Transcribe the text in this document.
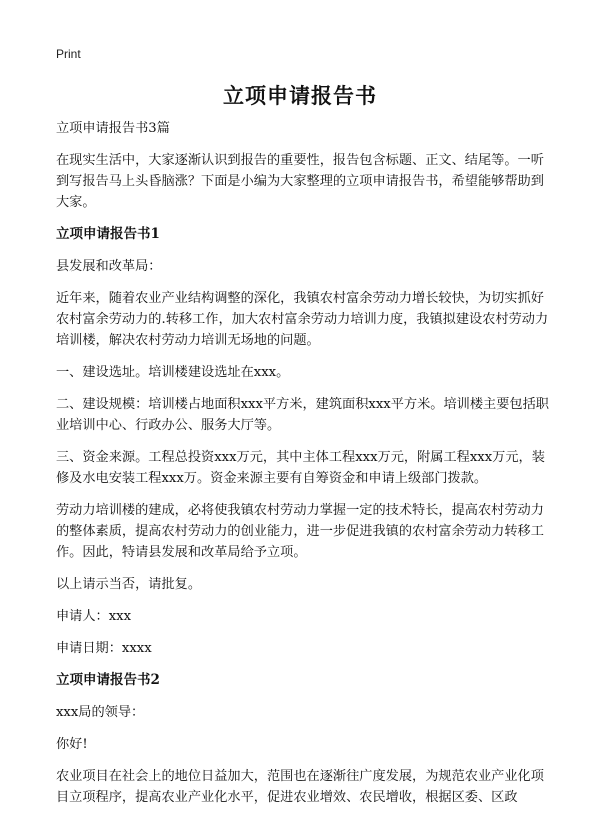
Print
立项申请报告书

立项申请报告书3篇

在现实生活中，大家逐渐认识到报告的重要性，报告包含标题、正文、结尾等。一听到写报告马上头昏脑涨？下面是小编为大家整理的立项申请报告书，希望能够帮助到大家。

立项申请报告书1

县发展和改革局：

近年来，随着农业产业结构调整的深化，我镇农村富余劳动力增长较快，为切实抓好农村富余劳动力的.转移工作，加大农村富余劳动力培训力度，我镇拟建设农村劳动力培训楼，解决农村劳动力培训无场地的问题。

一、建设选址。培训楼建设选址在xxx。

二、建设规模：培训楼占地面积xxx平方米，建筑面积xxx平方米。培训楼主要包括职业培训中心、行政办公、服务大厅等。

三、资金来源。工程总投资xxx万元，其中主体工程xxx万元，附属工程xxx万元，装修及水电安装工程xxx万。资金来源主要有自筹资金和申请上级部门拨款。

劳动力培训楼的建成，必将使我镇农村劳动力掌握一定的技术特长，提高农村劳动力的整体素质，提高农村劳动力的创业能力，进一步促进我镇的农村富余劳动力转移工作。因此，特请县发展和改革局给予立项。

以上请示当否，请批复。

申请人：xxx

申请日期：xxxx

立项申请报告书2

xxx局的领导：

你好!

农业项目在社会上的地位日益加大，范围也在逐渐往广度发展，为规范农业产业化项目立项程序，提高农业产业化水平，促进农业增效、农民增收，根据区委、区政
